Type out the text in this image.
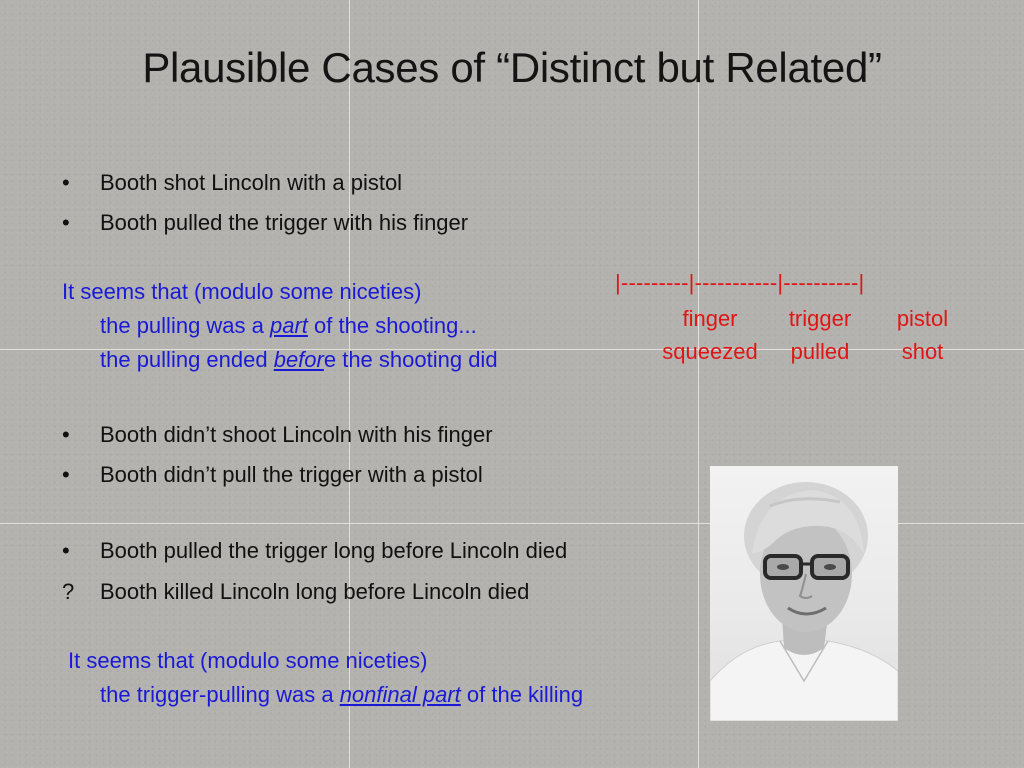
Plausible Cases of “Distinct but Related”
• Booth shot Lincoln with a pistol
• Booth pulled the trigger with his finger
It seems that (modulo some niceties)
the pulling was a part of the shooting...
the pulling ended before the shooting did
|---------|-----------|----------|
finger
squeezed
trigger
pulled
pistol
shot
• Booth didn’t shoot Lincoln with his finger
• Booth didn’t pull the trigger with a pistol
• Booth pulled the trigger long before Lincoln died
? Booth killed Lincoln long before Lincoln died
It seems that (modulo some niceties)
the trigger-pulling was a nonfinal part of the killing
